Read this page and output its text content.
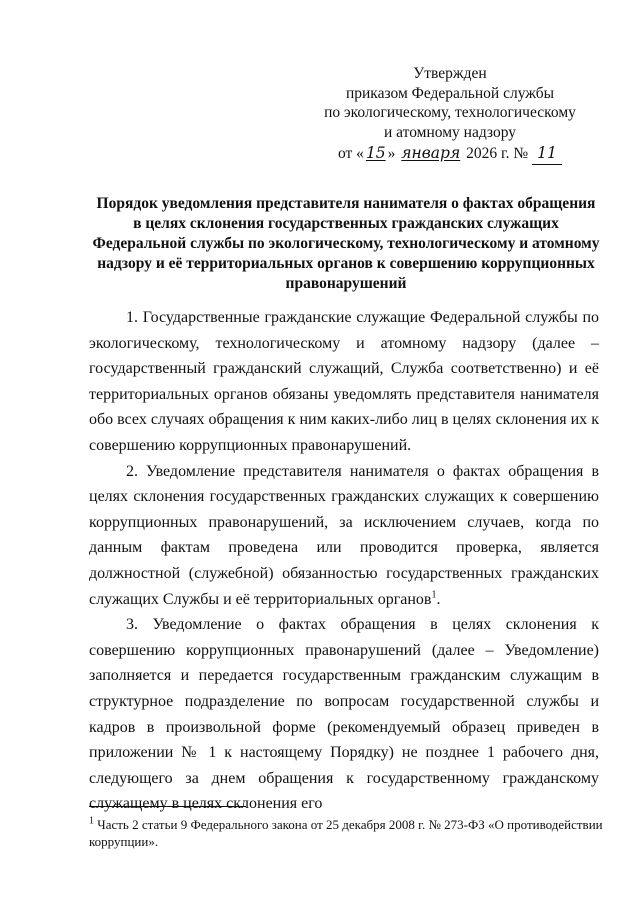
Утвержден
приказом Федеральной службы
по экологическому, технологическому
и атомному надзору
от « 15 » января 2026 г. № 11
Порядок уведомления представителя нанимателя о фактах обращения
в целях склонения государственных гражданских служащих
Федеральной службы по экологическому, технологическому и атомному
надзору и её территориальных органов к совершению коррупционных
правонарушений

1. Государственные гражданские служащие Федеральной службы по экологическому, технологическому и атомному надзору (далее – государственный гражданский служащий, Служба соответственно) и её территориальных органов обязаны уведомлять представителя нанимателя обо всех случаях обращения к ним каких-либо лиц в целях склонения их к совершению коррупционных правонарушений.

2. Уведомление представителя нанимателя о фактах обращения в целях склонения государственных гражданских служащих к совершению коррупционных правонарушений, за исключением случаев, когда по данным фактам проведена или проводится проверка, является должностной (служебной) обязанностью государственных гражданских служащих Службы и её территориальных органов$^1$.

3. Уведомление о фактах обращения в целях склонения к совершению коррупционных правонарушений (далее – Уведомление) заполняется и передается государственным гражданским служащим в структурное подразделение по вопросам государственной службы и кадров в произвольной форме (рекомендуемый образец приведен в приложении № 1 к настоящему Порядку) не позднее 1 рабочего дня, следующего за днем обращения к государственному гражданскому служащему в целях склонения его

$^1$ Часть 2 статьи 9 Федерального закона от 25 декабря 2008 г. № 273-ФЗ «О противодействии коррупции».
